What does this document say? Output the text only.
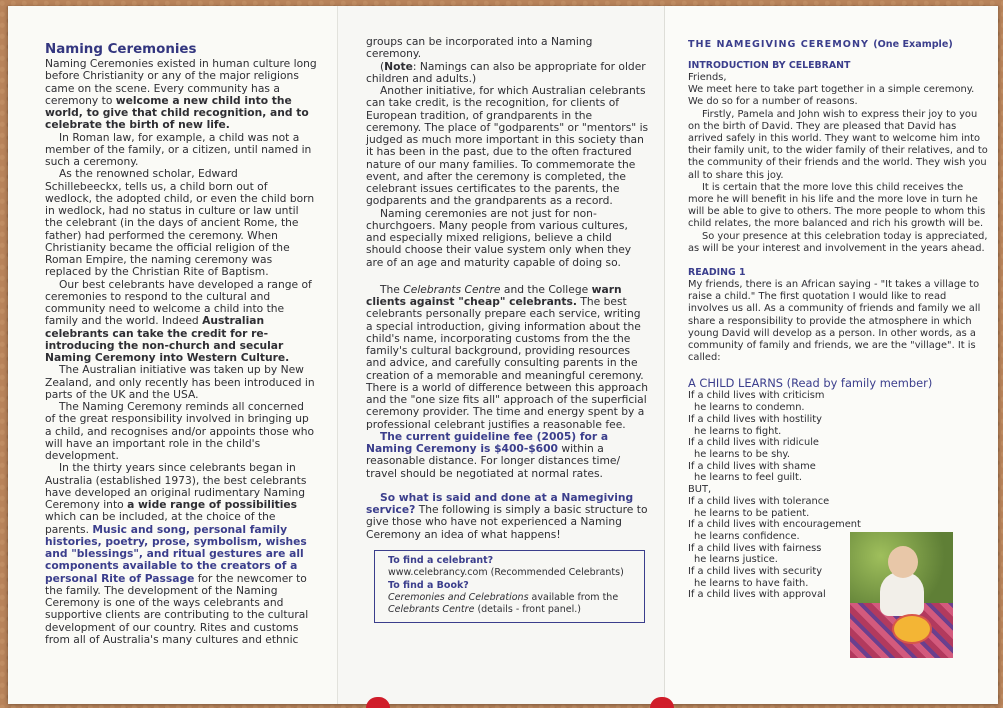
Naming Ceremonies

Naming Ceremonies existed in human culture long before Christianity or any of the major religions came on the scene. Every community has a ceremony to welcome a new child into the world, to give that child recognition, and to celebrate the birth of new life.

In Roman law, for example, a child was not a member of the family, or a citizen, until named in such a ceremony.

As the renowned scholar, Edward Schillebeeckx, tells us, a child born out of wedlock, the adopted child, or even the child born in wedlock, had no status in culture or law until the celebrant (in the days of ancient Rome, the father) had performed the ceremony. When Christianity became the official religion of the Roman Empire, the naming ceremony was replaced by the Christian Rite of Baptism.

Our best celebrants have developed a range of ceremonies to respond to the cultural and community need to welcome a child into the family and the world. Indeed Australian celebrants can take the credit for re-introducing the non-church and secular Naming Ceremony into Western Culture.

The Australian initiative was taken up by New Zealand, and only recently has been introduced in parts of the UK and the USA.

The Naming Ceremony reminds all concerned of the great responsibility involved in bringing up a child, and recognises and/or appoints those who will have an important role in the child's development.

In the thirty years since celebrants began in Australia (established 1973), the best celebrants have developed an original rudimentary Naming Ceremony into a wide range of possibilities which can be included, at the choice of the parents. Music and song, personal family histories, poetry, prose, symbolism, wishes and "blessings", and ritual gestures are all components available to the creators of a personal Rite of Passage for the newcomer to the family. The development of the Naming Ceremony is one of the ways celebrants and supportive clients are contributing to the cultural development of our country. Rites and customs from all of Australia's many cultures and ethnic

groups can be incorporated into a Naming ceremony.

(Note: Namings can also be appropriate for older children and adults.)

Another initiative, for which Australian celebrants can take credit, is the recognition, for clients of European tradition, of grandparents in the ceremony. The place of "godparents" or "mentors" is judged as much more important in this society than it has been in the past, due to the often fractured nature of our many families. To commemorate the event, and after the ceremony is completed, the celebrant issues certificates to the parents, the godparents and the grandparents as a record.

Naming ceremonies are not just for non-churchgoers. Many people from various cultures, and especially mixed religions, believe a child should choose their value system only when they are of an age and maturity capable of doing so.

The Celebrants Centre and the College warn clients against "cheap" celebrants. The best celebrants personally prepare each service, writing a special introduction, giving information about the child's name, incorporating customs from the the family's cultural background, providing resources and advice, and carefully consulting parents in the creation of a memorable and meaningful ceremony. There is a world of difference between this approach and the "one size fits all" approach of the superficial ceremony provider. The time and energy spent by a professional celebrant justifies a reasonable fee.

The current guideline fee (2005) for a Naming Ceremony is $400-$600 within a reasonable distance. For longer distances time/ travel should be negotiated at normal rates.

So what is said and done at a Namegiving service? The following is simply a basic structure to give those who have not experienced a Naming Ceremony an idea of what happens!

To find a celebrant?
www.celebrancy.com (Recommended Celebrants)
To find a Book?
Ceremonies and Celebrations available from the Celebrants Centre (details - front panel.)
THE NAMEGIVING CEREMONY (One Example)
INTRODUCTION BY CELEBRANT

Friends,

We meet here to take part together in a simple ceremony. We do so for a number of reasons.

Firstly, Pamela and John wish to express their joy to you on the birth of David. They are pleased that David has arrived safely in this world. They want to welcome him into their family unit, to the wider family of their relatives, and to the community of their friends and the world. They wish you all to share this joy.

It is certain that the more love this child receives the more he will benefit in his life and the more love in turn he will be able to give to others. The more people to whom this child relates, the more balanced and rich his growth will be.

So your presence at this celebration today is appreciated, as will be your interest and involvement in the years ahead.

READING 1

My friends, there is an African saying - "It takes a village to raise a child." The first quotation I would like to read involves us all. As a community of friends and family we all share a responsibility to provide the atmosphere in which young David will develop as a person. In other words, as a community of family and friends, we are the "village". It is called:

A CHILD LEARNS (Read by family member)
If a child lives with criticism
he learns to condemn.
If a child lives with hostility
he learns to fight.
If a child lives with ridicule
he learns to be shy.
If a child lives with shame
he learns to feel guilt.
BUT,
If a child lives with tolerance
he learns to be patient.
If a child lives with encouragement
he learns confidence.
If a child lives with fairness
he learns justice.
If a child lives with security
he learns to have faith.
If a child lives with approval
